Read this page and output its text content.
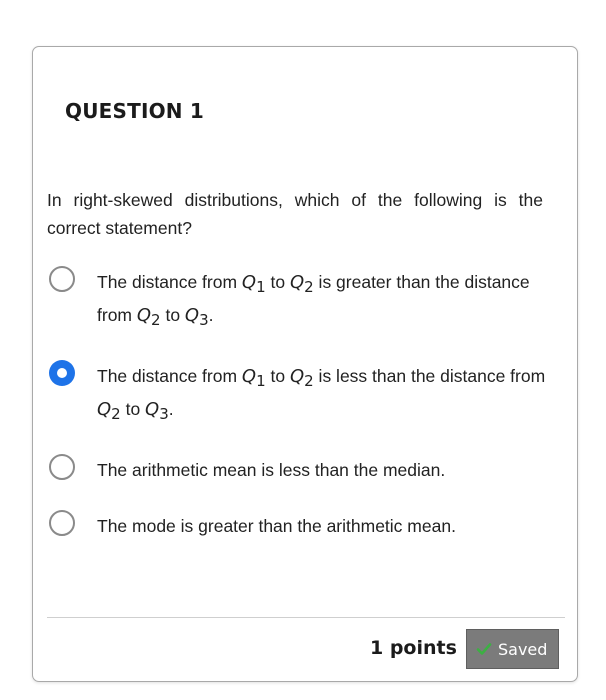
QUESTION 1

In right-skewed distributions, which of the following is the correct statement?

The distance from $Q_1$ to $Q_2$ is greater than the distance from $Q_2$ to $Q_3$.
The distance from $Q_1$ to $Q_2$ is less than the distance from $Q_2$ to $Q_3$.
The arithmetic mean is less than the median.
The mode is greater than the arithmetic mean.
1 points	Saved
